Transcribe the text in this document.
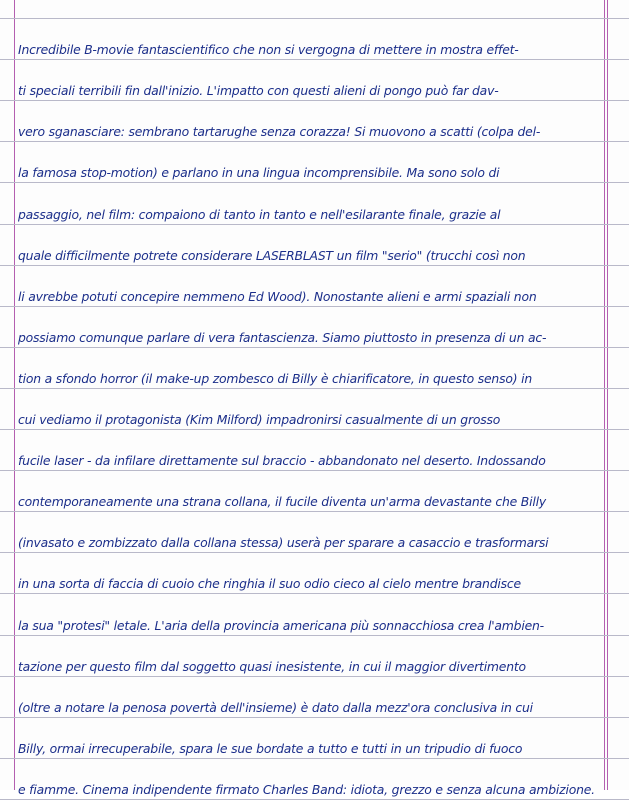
Incredibile B-movie fantascientifico che non si vergogna di mettere in mostra effet-
ti speciali terribili fin dall'inizio. L'impatto con questi alieni di pongo può far dav-
vero sganasciare: sembrano tartarughe senza corazza! Si muovono a scatti (colpa del-
la famosa stop-motion) e parlano in una lingua incomprensibile. Ma sono solo di
passaggio, nel film: compaiono di tanto in tanto e nell'esilarante finale, grazie al
quale difficilmente potrete considerare LASERBLAST un film "serio" (trucchi così non
li avrebbe potuti concepire nemmeno Ed Wood). Nonostante alieni e armi spaziali non
possiamo comunque parlare di vera fantascienza. Siamo piuttosto in presenza di un ac-
tion a sfondo horror (il make-up zombesco di Billy è chiarificatore, in questo senso) in
cui vediamo il protagonista (Kim Milford) impadronirsi casualmente di un grosso
fucile laser - da infilare direttamente sul braccio - abbandonato nel deserto. Indossando
contemporaneamente una strana collana, il fucile diventa un'arma devastante che Billy
(invasato e zombizzato dalla collana stessa) userà per sparare a casaccio e trasformarsi
in una sorta di faccia di cuoio che ringhia il suo odio cieco al cielo mentre brandisce
la sua "protesi" letale. L'aria della provincia americana più sonnacchiosa crea l'ambien-
tazione per questo film dal soggetto quasi inesistente, in cui il maggior divertimento
(oltre a notare la penosa povertà dell'insieme) è dato dalla mezz'ora conclusiva in cui
Billy, ormai irrecuperabile, spara le sue bordate a tutto e tutti in un tripudio di fuoco
e fiamme. Cinema indipendente firmato Charles Band: idiota, grezzo e senza alcuna ambizione.
